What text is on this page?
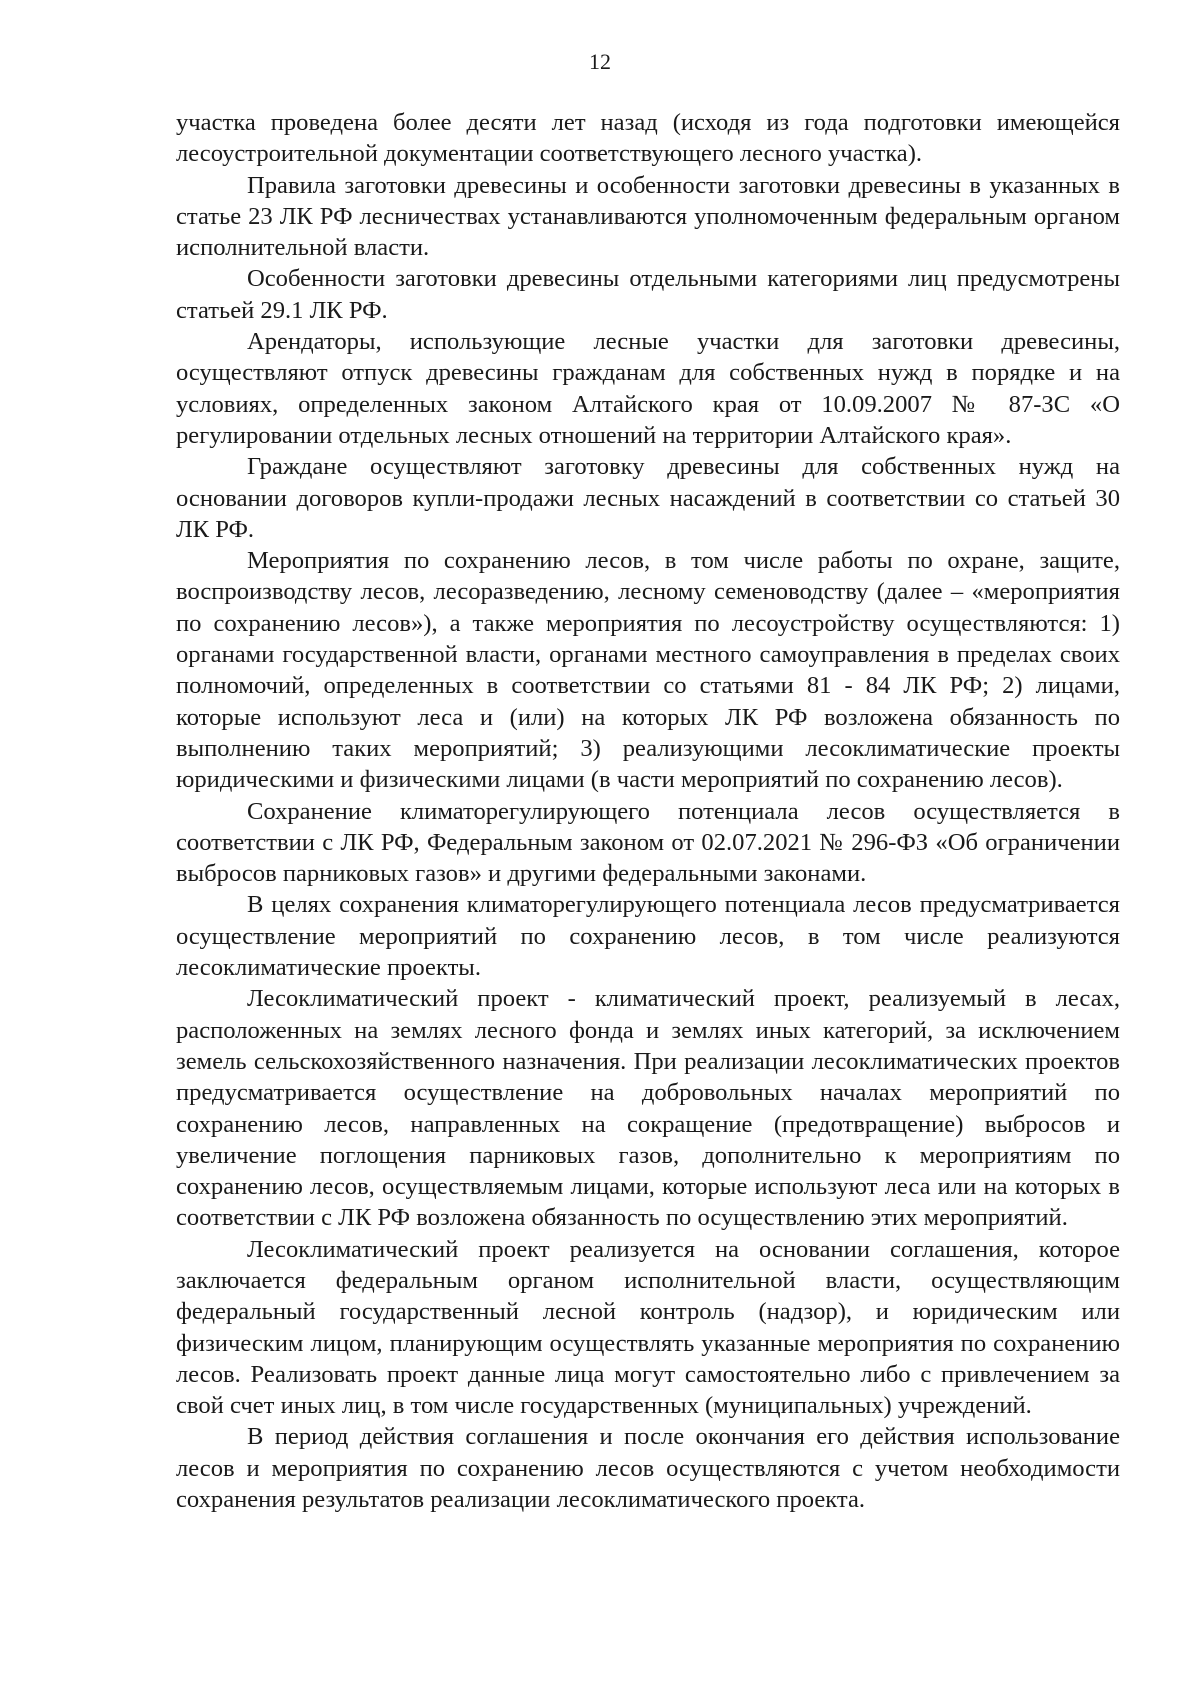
12

участка проведена более десяти лет назад (исходя из года подготовки имеющейся лесоустроительной документации соответствующего лесного участка).

Правила заготовки древесины и особенности заготовки древесины в указанных в статье 23 ЛК РФ лесничествах устанавливаются уполномоченным федеральным органом исполнительной власти.

Особенности заготовки древесины отдельными категориями лиц предусмотрены статьей 29.1 ЛК РФ.

Арендаторы, использующие лесные участки для заготовки древесины, осуществляют отпуск древесины гражданам для собственных нужд в порядке и на условиях, определенных законом Алтайского края от 10.09.2007 № 87-ЗС «О регулировании отдельных лесных отношений на территории Алтайского края».

Граждане осуществляют заготовку древесины для собственных нужд на основании договоров купли-продажи лесных насаждений в соответствии со статьей 30 ЛК РФ.

Мероприятия по сохранению лесов, в том числе работы по охране, защите, воспроизводству лесов, лесоразведению, лесному семеноводству (далее – «мероприятия по сохранению лесов»), а также мероприятия по лесоустройству осуществляются: 1) органами государственной власти, органами местного самоуправления в пределах своих полномочий, определенных в соответствии со статьями 81 - 84 ЛК РФ; 2) лицами, которые используют леса и (или) на которых ЛК РФ возложена обязанность по выполнению таких мероприятий; 3) реализующими лесоклиматические проекты юридическими и физическими лицами (в части мероприятий по сохранению лесов).

Сохранение климаторегулирующего потенциала лесов осуществляется в соответствии с ЛК РФ, Федеральным законом от 02.07.2021 № 296-ФЗ «Об ограничении выбросов парниковых газов» и другими федеральными законами.

В целях сохранения климаторегулирующего потенциала лесов предусматривается осуществление мероприятий по сохранению лесов, в том числе реализуются лесоклиматические проекты.

Лесоклиматический проект - климатический проект, реализуемый в лесах, расположенных на землях лесного фонда и землях иных категорий, за исключением земель сельскохозяйственного назначения. При реализации лесоклиматических проектов предусматривается осуществление на добровольных началах мероприятий по сохранению лесов, направленных на сокращение (предотвращение) выбросов и увеличение поглощения парниковых газов, дополнительно к мероприятиям по сохранению лесов, осуществляемым лицами, которые используют леса или на которых в соответствии с ЛК РФ возложена обязанность по осуществлению этих мероприятий.

Лесоклиматический проект реализуется на основании соглашения, которое заключается федеральным органом исполнительной власти, осуществляющим федеральный государственный лесной контроль (надзор), и юридическим или физическим лицом, планирующим осуществлять указанные мероприятия по сохранению лесов. Реализовать проект данные лица могут самостоятельно либо с привлечением за свой счет иных лиц, в том числе государственных (муниципальных) учреждений.

В период действия соглашения и после окончания его действия использование лесов и мероприятия по сохранению лесов осуществляются с учетом необходимости сохранения результатов реализации лесоклиматического проекта.
